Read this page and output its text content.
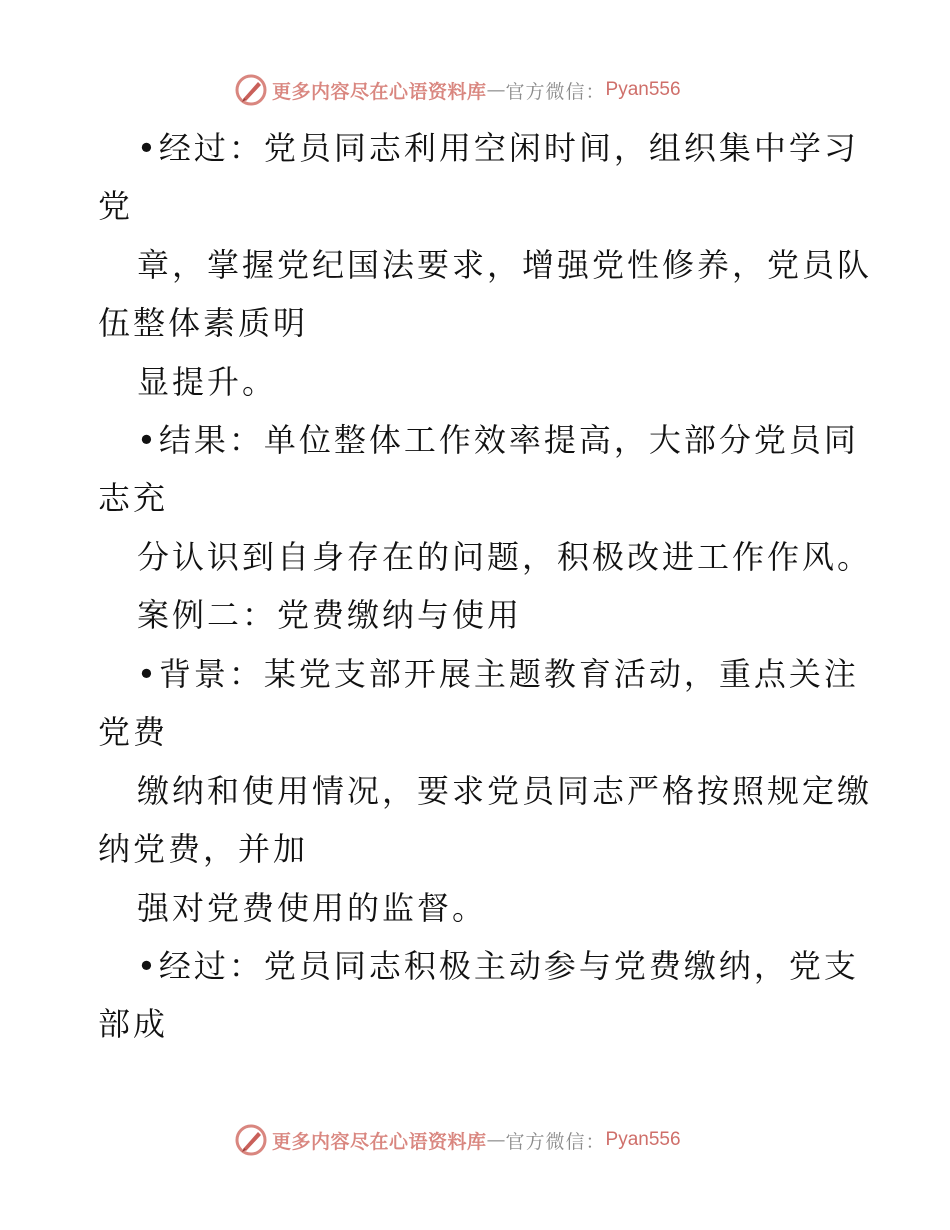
更多内容尽在心语资料库 — 官方微信： Pyan556
•经过：党员同志利用空闲时间，组织集中学习
党
章，掌握党纪国法要求，增强党性修养，党员队
伍整体素质明
显提升。
•结果：单位整体工作效率提高，大部分党员同
志充
分认识到自身存在的问题，积极改进工作作风。
案例二：党费缴纳与使用
•背景：某党支部开展主题教育活动，重点关注
党费
缴纳和使用情况，要求党员同志严格按照规定缴
纳党费，并加
强对党费使用的监督。
•经过：党员同志积极主动参与党费缴纳，党支
部成
更多内容尽在心语资料库 — 官方微信： Pyan556
